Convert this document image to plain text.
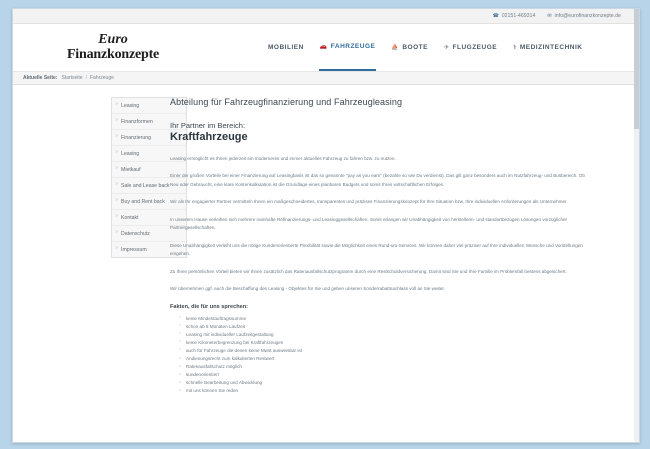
☎ 02151-469314 ✉ info@eurofinanzkonzepte.de
Euro
Finanzkonzepte	MOBILIEN	🚗 FAHRZEUGE	⛵ BOOTE	✈ FLUGZEUGE	⚕ MEDIZINTECHNIK
Aktuelle Seite: Startseite / Fahrzeuge
› Leasing
› Finanzformen
› Finanzierung
› Leasing
› Mietkauf
› Sale and Lease back
› Buy and Rent back
› Kontakt
› Datenschutz
› Impressum
Abteilung für Fahrzeugfinanzierung und Fahrzeugleasing
Ihr Partner im Bereich:
Kraftfahrzeuge

Leasing ermöglicht es Ihnen jederzeit ein moderneres und immer aktuelles Fahrzeug zu fahren bzw. zu nutzen.

Einer der großen Vorteile bei einer Finanzierung auf Leasingbasis ist das so genannte "pay as you earn" (bezahle so wie Du verdienst). Das gilt ganz besonders auch im Nutzfahrzeug- und Busbereich. Ob Neu oder Gebraucht, eine klare Kostenkalkulation ist die Grundlage eines planbaren Budgets und somit Ihres wirtschaftlichen Erfolges.

Wir als Ihr engagierter Partner vermitteln Ihnen ein maßgeschneidertes, transparentes und präzises Finanzierungskonzept für Ihre Situation bzw. Ihre individuellen Anforderungen als Unternehmer.

In unserem Hause verleihen sich mehrere namhafte Refinanzierungs- und Leasinggesellschaften. Somit erlangen wir Unabhängigkeit von herstellerin- und standortbezogen Lösungen vorzüglicher Partnergesellschaften.

Diese Unabhängigkeit verleiht uns die nötige Kundenorientierte Flexibilität sowie die Möglichkeit eines Rund-um-Services. Wir können daher viel präziser auf Ihre individuellen Wünsche und Vorstellungen eingehen.

Zu Ihren persönlichen Vorteil bieten wir Ihnen zusätzlich das Ratenausfallschutzprogramm durch eine Restschuldversicherung. Damit sind Sie und Ihre Familie im Problemfall bestens abgesichert.

Wir übernehmen ggf. auch die Beschaffung des Leasing - Objektes für Sie und geben unseren Sonderrabattnachlass voll an Sie weiter.

Fakten, die für uns sprechen:
○ keine Mindestauftragssumme
○ schon ab 6 Monaten Laufzeit
○ Leasing mit individueller Laufzeitgestaltung
○ keine Kilometerbegrenzung bei Kraftfahrzeugen
○ auch für Fahrzeuge die denen keine Mwst ausweisbar ist
○ Andienungsrecht zum kalkulierten Restwert
○ Ratenausfallschutz möglich
○ kundenorientiert
○ schnelle Bearbeitung und Abwicklung
○ mit uns können Sie reden
